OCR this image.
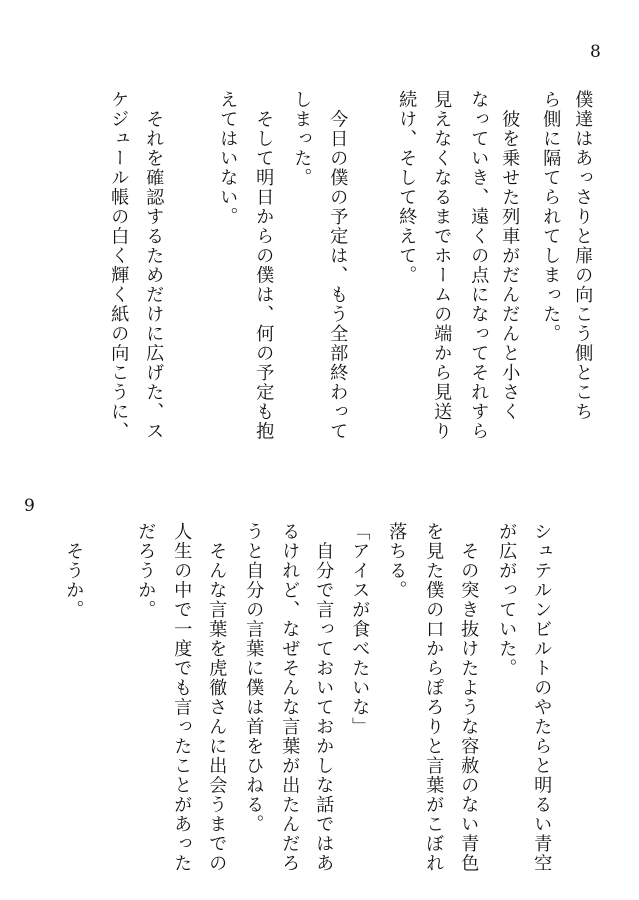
8
僕達はあっさりと扉の向こう側とこち
ら側に隔てられてしまった。
　彼を乗せた列車がだんだんと小さく
なっていき、遠くの点になってそれすら
見えなくなるまでホームの端から見送り
続け、そして終えて。
　今日の僕の予定は、もう全部終わって
しまった。
　そして明日からの僕は、何の予定も抱
えてはいない。
　それを確認するためだけに広げた、ス
ケジュール帳の白く輝く紙の向こうに、
9
シュテルンビルトのやたらと明るい青空
が広がっていた。
　その突き抜けたような容赦のない青色
を見た僕の口からぽろりと言葉がこぼれ
落ちる。
「アイスが食べたいな」
　自分で言っておいておかしな話ではあ
るけれど、なぜそんな言葉が出たんだろ
うと自分の言葉に僕は首をひねる。
　そんな言葉を虎徹さんに出会うまでの
人生の中で一度でも言ったことがあった
だろうか。
　そうか。
